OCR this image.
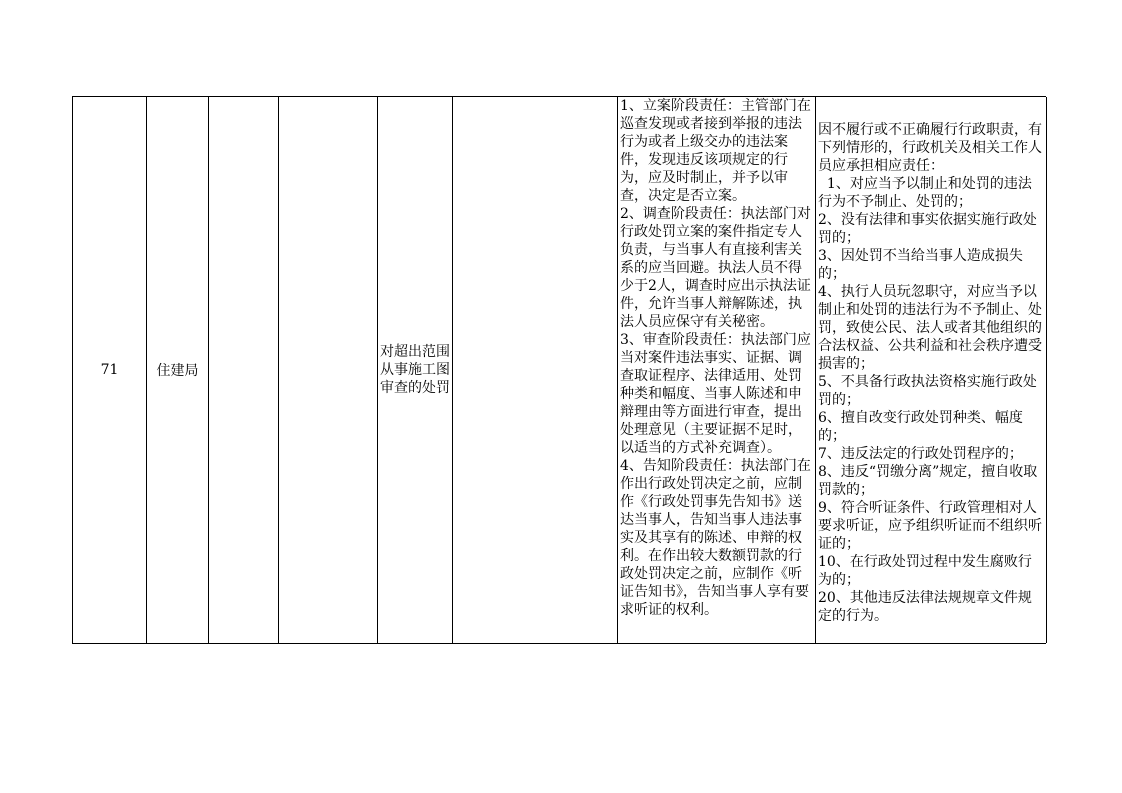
71	住建局
对超出范围从事施工图审查的处罚
1、立案阶段责任：主管部门在巡查发现或者接到举报的违法行为或者上级交办的违法案件，发现违反该项规定的行为，应及时制止，并予以审查，决定是否立案。
2、调查阶段责任：执法部门对行政处罚立案的案件指定专人负责，与当事人有直接利害关系的应当回避。执法人员不得少于2人，调查时应出示执法证件，允许当事人辩解陈述，执法人员应保守有关秘密。
3、审查阶段责任：执法部门应当对案件违法事实、证据、调查取证程序、法律适用、处罚种类和幅度、当事人陈述和申辩理由等方面进行审查，提出处理意见（主要证据不足时，以适当的方式补充调查）。
4、告知阶段责任：执法部门在作出行政处罚决定之前，应制作《行政处罚事先告知书》送达当事人，告知当事人违法事实及其享有的陈述、申辩的权利。在作出较大数额罚款的行政处罚决定之前，应制作《听证告知书》，告知当事人享有要求听证的权利。
因不履行或不正确履行行政职责，有下列情形的，行政机关及相关工作人员应承担相应责任：
1、对应当予以制止和处罚的违法行为不予制止、处罚的；
2、没有法律和事实依据实施行政处罚的；
3、因处罚不当给当事人造成损失的；
4、执行人员玩忽职守，对应当予以制止和处罚的违法行为不予制止、处罚，致使公民、法人或者其他组织的合法权益、公共利益和社会秩序遭受损害的；
5、不具备行政执法资格实施行政处罚的；
6、擅自改变行政处罚种类、幅度的；
7、违反法定的行政处罚程序的；
8、违反“罚缴分离”规定，擅自收取罚款的；
9、符合听证条件、行政管理相对人要求听证，应予组织听证而不组织听证的；
10、在行政处罚过程中发生腐败行为的；
20、其他违反法律法规规章文件规定的行为。
